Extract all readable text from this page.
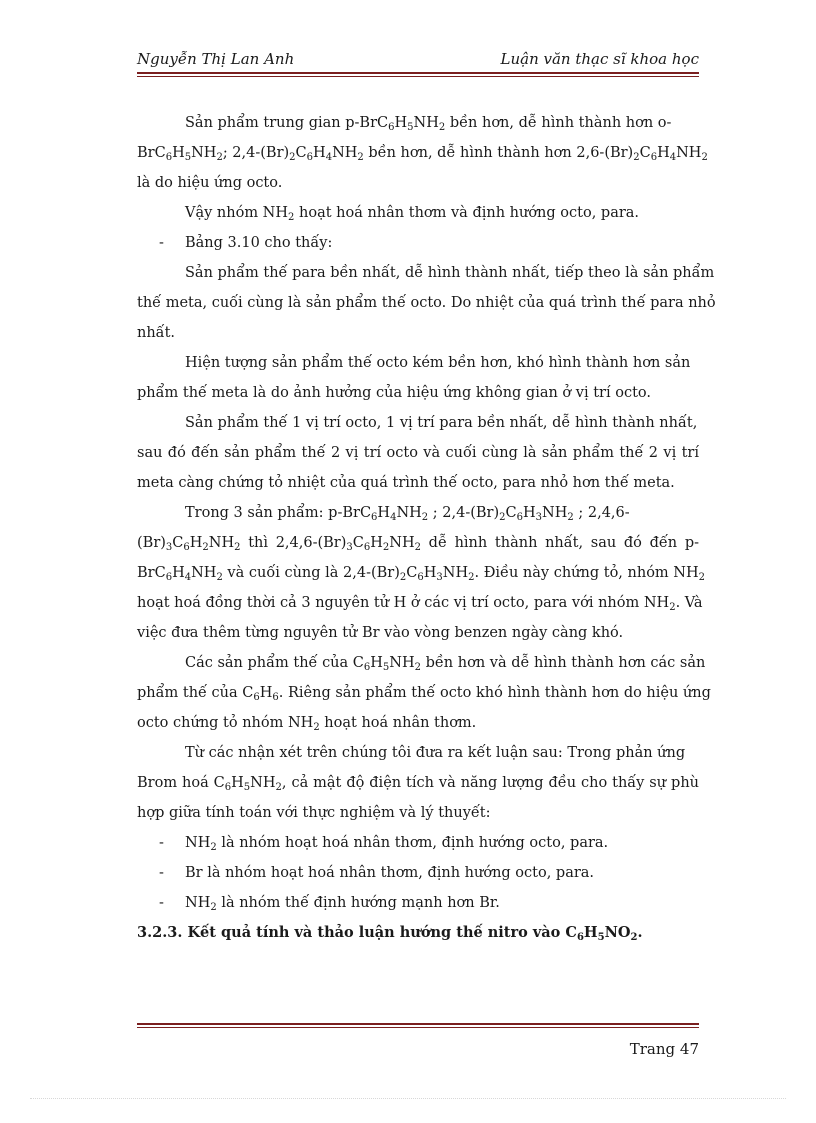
Nguyễn Thị Lan Anh	Luận văn thạc sĩ khoa học
Sản phẩm trung gian $p-BrC_6H_5NH_2$ bền hơn, dễ hình thành hơn o-
$BrC_6H_5NH_2$; $2,4-(Br)_2C_6H_4NH_2$ bền hơn, dễ hình thành hơn $2,6-(Br)_2C_6H_4NH_2$
là do hiệu ứng octo.
Vậy nhóm $NH_2$ hoạt hoá nhân thơm và định hướng octo, para.
- Bảng 3.10 cho thấy:
Sản phẩm thế para bền nhất, dễ hình thành nhất, tiếp theo là sản phẩm
thế meta, cuối cùng là sản phẩm thế octo. Do nhiệt của quá trình thế para nhỏ
nhất.
Hiện tượng sản phẩm thế octo kém bền hơn, khó hình thành hơn sản
phẩm thế meta là do ảnh hưởng của hiệu ứng không gian ở vị trí octo.
Sản phẩm thế 1 vị trí octo, 1 vị trí para bền nhất, dễ hình thành nhất,
sau đó đến sản phẩm thế 2 vị trí octo và cuối cùng là sản phẩm thế 2 vị trí
meta càng chứng tỏ nhiệt của quá trình thế octo, para nhỏ hơn thế meta.
Trong 3 sản phẩm: $p-BrC_6H_4NH_2$ ; $2,4-(Br)_2C_6H_3NH_2$ ; 2,4,6-
$(Br)_3C_6H_2NH_2$ thì $2,4,6-(Br)_3C_6H_2NH_2$ dễ hình thành nhất, sau đó đến p-
$BrC_6H_4NH_2$ và cuối cùng là $2,4-(Br)_2C_6H_3NH_2$. Điều này chứng tỏ, nhóm $NH_2$
hoạt hoá đồng thời cả 3 nguyên tử H ở các vị trí octo, para với nhóm $NH_2$. Và
việc đưa thêm từng nguyên tử Br vào vòng benzen ngày càng khó.
Các sản phẩm thế của $C_6H_5NH_2$ bền hơn và dễ hình thành hơn các sản
phẩm thế của $C_6H_6$. Riêng sản phẩm thế octo khó hình thành hơn do hiệu ứng
octo chứng tỏ nhóm $NH_2$ hoạt hoá nhân thơm.
Từ các nhận xét trên chúng tôi đưa ra kết luận sau: Trong phản ứng
Brom hoá $C_6H_5NH_2$, cả mật độ điện tích và năng lượng đều cho thấy sự phù
hợp giữa tính toán với thực nghiệm và lý thuyết:
- $NH_2$ là nhóm hoạt hoá nhân thơm, định hướng octo, para.
- Br là nhóm hoạt hoá nhân thơm, định hướng octo, para.
- $NH_2$ là nhóm thế định hướng mạnh hơn Br.
3.2.3. Kết quả tính và thảo luận hướng thế nitro vào $C_6H_5NO_2$.
Trang 47
